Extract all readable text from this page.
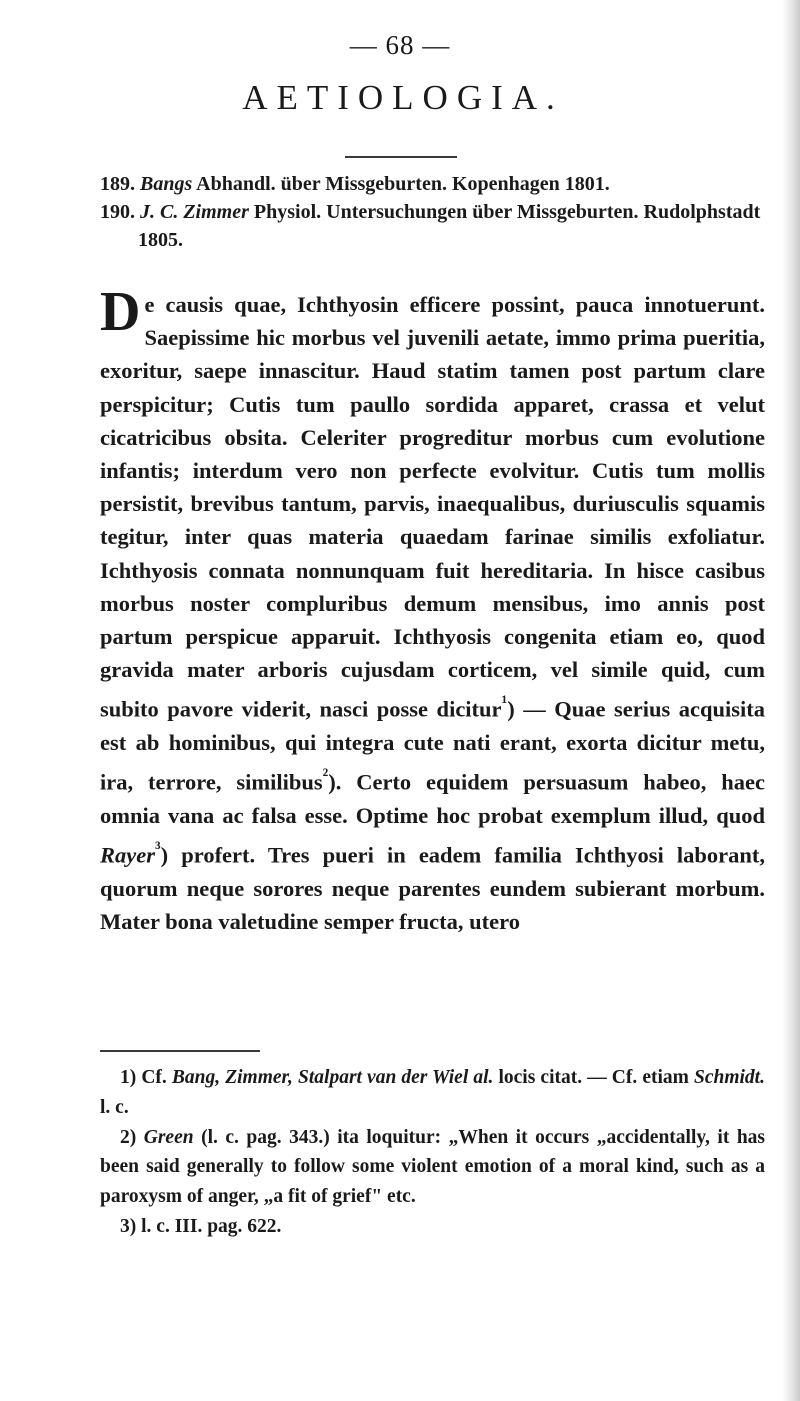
— 68 —
AETIOLOGIA.

189. Bangs Abhandl. über Missgeburten. Kopenhagen 1801.

190. J. C. Zimmer Physiol. Untersuchungen über Missgeburten. Rudolphstadt 1805.

De causis quae, Ichthyosin efficere possint, pauca innotuerunt. Saepissime hic morbus vel juvenili aetate, immo prima pueritia, exoritur, saepe innascitur. Haud statim tamen post partum clare perspicitur; Cutis tum paullo sordida apparet, crassa et velut cicatricibus obsita. Celeriter progreditur morbus cum evolutione infantis; interdum vero non perfecte evolvitur. Cutis tum mollis persistit, brevibus tantum, parvis, inaequalibus, duriusculis squamis tegitur, inter quas materia quaedam farinae similis exfoliatur. Ichthyosis connata nonnunquam fuit hereditaria. In hisce casibus morbus noster compluribus demum mensibus, imo annis post partum perspicue apparuit. Ichthyosis congenita etiam eo, quod gravida mater arboris cujusdam corticem, vel simile quid, cum subito pavore viderit, nasci posse dicitur$^{^1}$) — Quae serius acquisita est ab hominibus, qui integra cute nati erant, exorta dicitur metu, ira, terrore, similibus$^{^2}$). Certo equidem persuasum habeo, haec omnia vana ac falsa esse. Optime hoc probat exemplum illud, quod Rayer$^{^3}$) profert. Tres pueri in eadem familia Ichthyosi laborant, quorum neque sorores neque parentes eundem subierant morbum. Mater bona valetudine semper fructa, utero

1) Cf. Bang, Zimmer, Stalpart van der Wiel al. locis citat. — Cf. etiam Schmidt. l. c.

2) Green (l. c. pag. 343.) ita loquitur: „When it occurs „accidentally, it has been said generally to follow some violent emotion of a moral kind, such as a paroxysm of anger, „a fit of grief" etc.

3) l. c. III. pag. 622.
